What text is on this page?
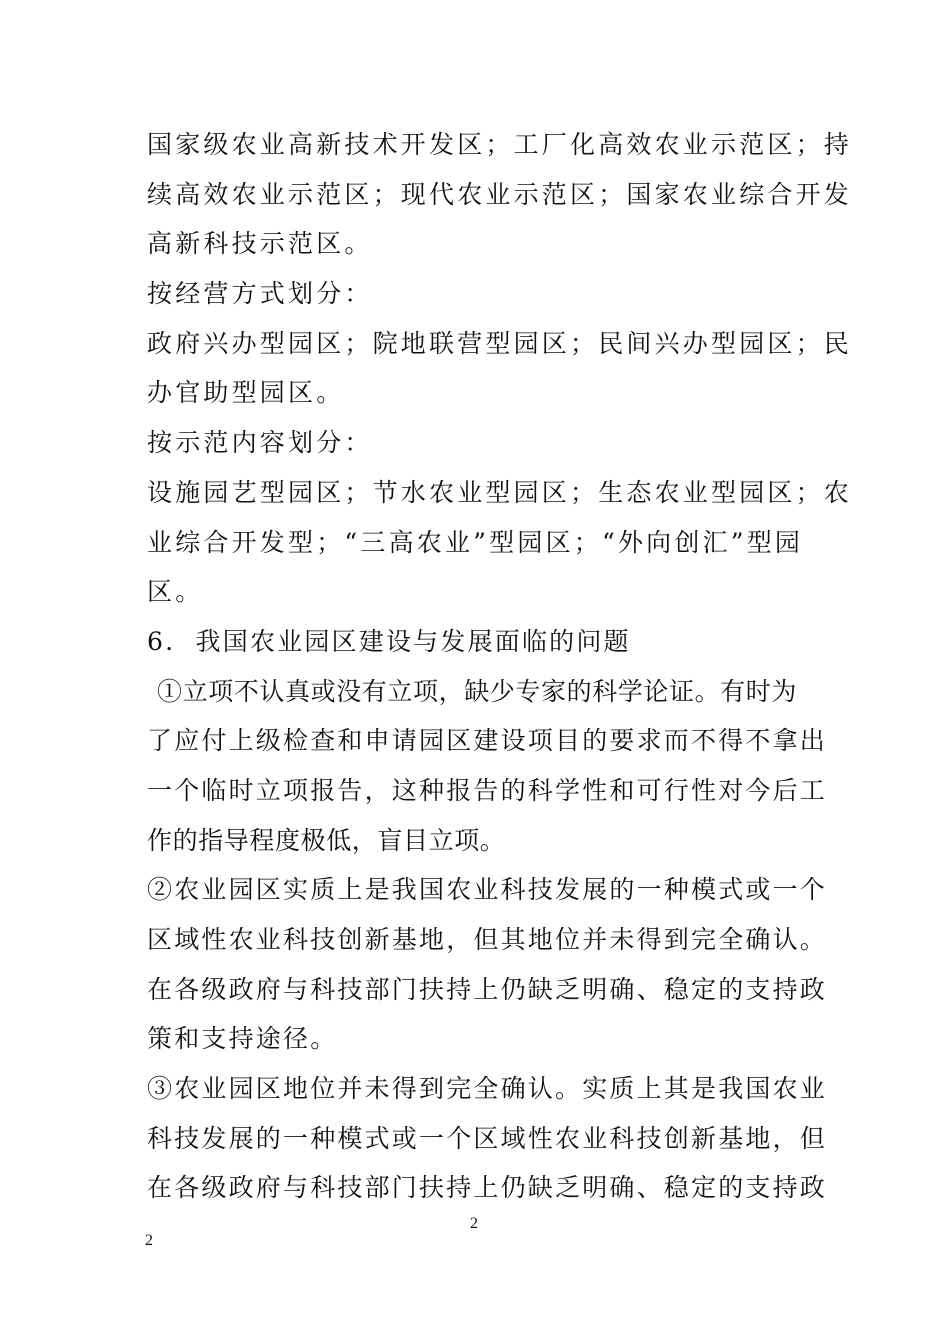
国家级农业高新技术开发区；工厂化高效农业示范区；持
续高效农业示范区；现代农业示范区；国家农业综合开发
高新科技示范区。
按经营方式划分：
政府兴办型园区；院地联营型园区；民间兴办型园区；民
办官助型园区。
按示范内容划分：
设施园艺型园区；节水农业型园区；生态农业型园区；农
业综合开发型；“三高农业”型园区；“外向创汇”型园
区。
6.  我国农业园区建设与发展面临的问题
①立项不认真或没有立项，缺少专家的科学论证。有时为
了应付上级检查和申请园区建设项目的要求而不得不拿出
一个临时立项报告，这种报告的科学性和可行性对今后工
作的指导程度极低，盲目立项。
②农业园区实质上是我国农业科技发展的一种模式或一个
区域性农业科技创新基地，但其地位并未得到完全确认。
在各级政府与科技部门扶持上仍缺乏明确、稳定的支持政
策和支持途径。
③农业园区地位并未得到完全确认。实质上其是我国农业
科技发展的一种模式或一个区域性农业科技创新基地，但
在各级政府与科技部门扶持上仍缺乏明确、稳定的支持政
2
2
